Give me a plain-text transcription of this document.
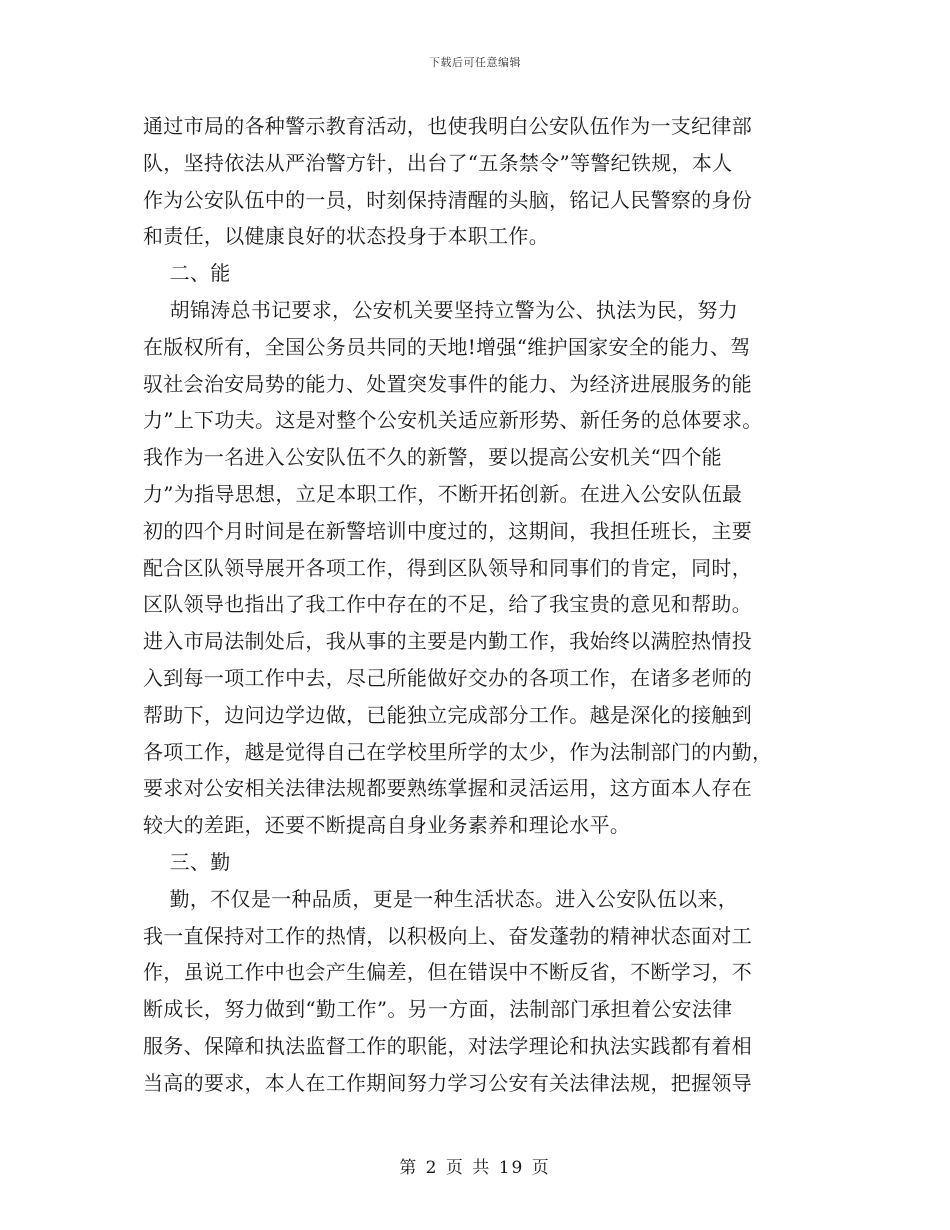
下载后可任意编辑
通过市局的各种警示教育活动，也使我明白公安队伍作为一支纪律部
队，坚持依法从严治警方针，出台了“五条禁令”等警纪铁规，本人
作为公安队伍中的一员，时刻保持清醒的头脑，铭记人民警察的身份
和责任，以健康良好的状态投身于本职工作。
二、能
胡锦涛总书记要求，公安机关要坚持立警为公、执法为民，努力
在版权所有，全国公务员共同的天地!增强“维护国家安全的能力、驾
驭社会治安局势的能力、处置突发事件的能力、为经济进展服务的能
力”上下功夫。这是对整个公安机关适应新形势、新任务的总体要求。
我作为一名进入公安队伍不久的新警，要以提高公安机关“四个能
力”为指导思想，立足本职工作，不断开拓创新。在进入公安队伍最
初的四个月时间是在新警培训中度过的，这期间，我担任班长，主要
配合区队领导展开各项工作，得到区队领导和同事们的肯定，同时，
区队领导也指出了我工作中存在的不足，给了我宝贵的意见和帮助。
进入市局法制处后，我从事的主要是内勤工作，我始终以满腔热情投
入到每一项工作中去，尽己所能做好交办的各项工作，在诸多老师的
帮助下，边问边学边做，已能独立完成部分工作。越是深化的接触到
各项工作，越是觉得自己在学校里所学的太少，作为法制部门的内勤，
要求对公安相关法律法规都要熟练掌握和灵活运用，这方面本人存在
较大的差距，还要不断提高自身业务素养和理论水平。
三、勤
勤，不仅是一种品质，更是一种生活状态。进入公安队伍以来，
我一直保持对工作的热情，以积极向上、奋发蓬勃的精神状态面对工
作，虽说工作中也会产生偏差，但在错误中不断反省，不断学习，不
断成长，努力做到“勤工作”。另一方面，法制部门承担着公安法律
服务、保障和执法监督工作的职能，对法学理论和执法实践都有着相
当高的要求，本人在工作期间努力学习公安有关法律法规，把握领导
第 2 页 共 19 页
